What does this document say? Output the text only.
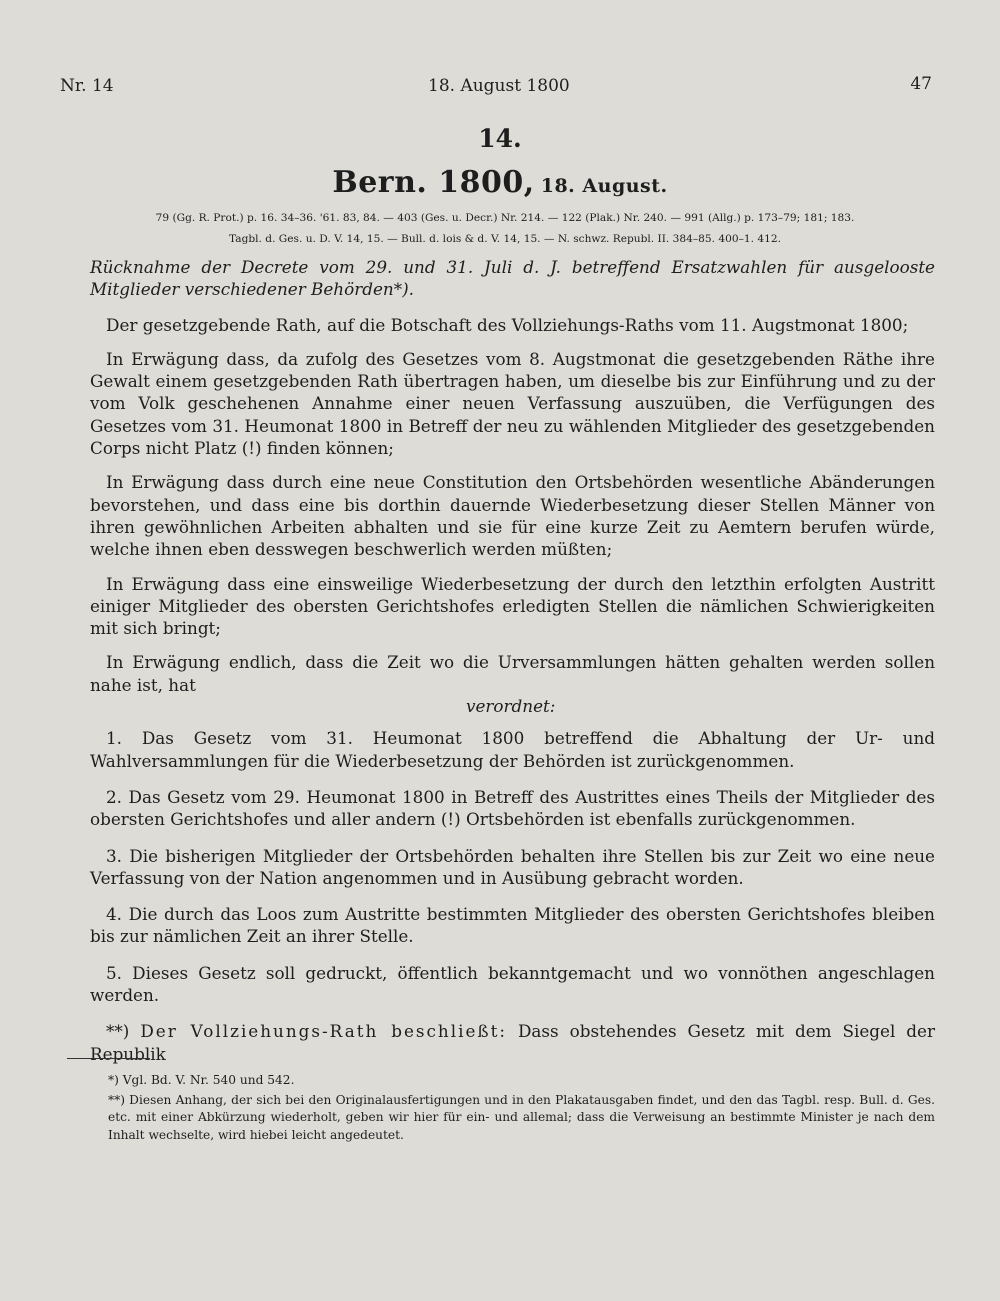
Nr. 14	18. August 1800	47
14.
Bern. 1800, 18. August.

79 (Gg. R. Prot.) p. 16. 34–36. '61. 83, 84. — 403 (Ges. u. Decr.) Nr. 214. — 122 (Plak.) Nr. 240. — 991 (Allg.) p. 173–79; 181; 183.

Tagbl. d. Ges. u. D. V. 14, 15. — Bull. d. lois & d. V. 14, 15. — N. schwz. Republ. II. 384–85. 400–1. 412.

Rücknahme der Decrete vom 29. und 31. Juli d. J. betreffend Ersatzwahlen für ausgelooste Mitglieder verschiedener Behörden*).

Der gesetzgebende Rath, auf die Botschaft des Vollziehungs-Raths vom 11. Augstmonat 1800;

In Erwägung dass, da zufolg des Gesetzes vom 8. Augstmonat die gesetzgebenden Räthe ihre Gewalt einem gesetzgebenden Rath übertragen haben, um dieselbe bis zur Einführung und zu der vom Volk geschehenen Annahme einer neuen Verfassung auszuüben, die Verfügungen des Gesetzes vom 31. Heumonat 1800 in Betreff der neu zu wählenden Mitglieder des gesetzgebenden Corps nicht Platz (!) finden können;

In Erwägung dass durch eine neue Constitution den Ortsbehörden wesentliche Abänderungen bevorstehen, und dass eine bis dorthin dauernde Wiederbesetzung dieser Stellen Männer von ihren gewöhnlichen Arbeiten abhalten und sie für eine kurze Zeit zu Aemtern berufen würde, welche ihnen eben desswegen beschwerlich werden müßten;

In Erwägung dass eine einsweilige Wiederbesetzung der durch den letzthin erfolgten Austritt einiger Mitglieder des obersten Gerichtshofes erledigten Stellen die nämlichen Schwierigkeiten mit sich bringt;

In Erwägung endlich, dass die Zeit wo die Urversammlungen hätten gehalten werden sollen nahe ist, hat

verordnet:

1. Das Gesetz vom 31. Heumonat 1800 betreffend die Abhaltung der Ur- und Wahlversammlungen für die Wiederbesetzung der Behörden ist zurückgenommen.

2. Das Gesetz vom 29. Heumonat 1800 in Betreff des Austrittes eines Theils der Mitglieder des obersten Gerichtshofes und aller andern (!) Ortsbehörden ist ebenfalls zurückgenommen.

3. Die bisherigen Mitglieder der Ortsbehörden behalten ihre Stellen bis zur Zeit wo eine neue Verfassung von der Nation angenommen und in Ausübung gebracht worden.

4. Die durch das Loos zum Austritte bestimmten Mitglieder des obersten Gerichtshofes bleiben bis zur nämlichen Zeit an ihrer Stelle.

5. Dieses Gesetz soll gedruckt, öffentlich bekanntgemacht und wo vonnöthen angeschlagen werden.

**) Der Vollziehungs-Rath beschließt: Dass obstehendes Gesetz mit dem Siegel der Republik

*) Vgl. Bd. V. Nr. 540 und 542.

**) Diesen Anhang, der sich bei den Originalausfertigungen und in den Plakatausgaben findet, und den das Tagbl. resp. Bull. d. Ges. etc. mit einer Abkürzung wiederholt, geben wir hier für ein- und allemal; dass die Verweisung an bestimmte Minister je nach dem Inhalt wechselte, wird hiebei leicht angedeutet.
